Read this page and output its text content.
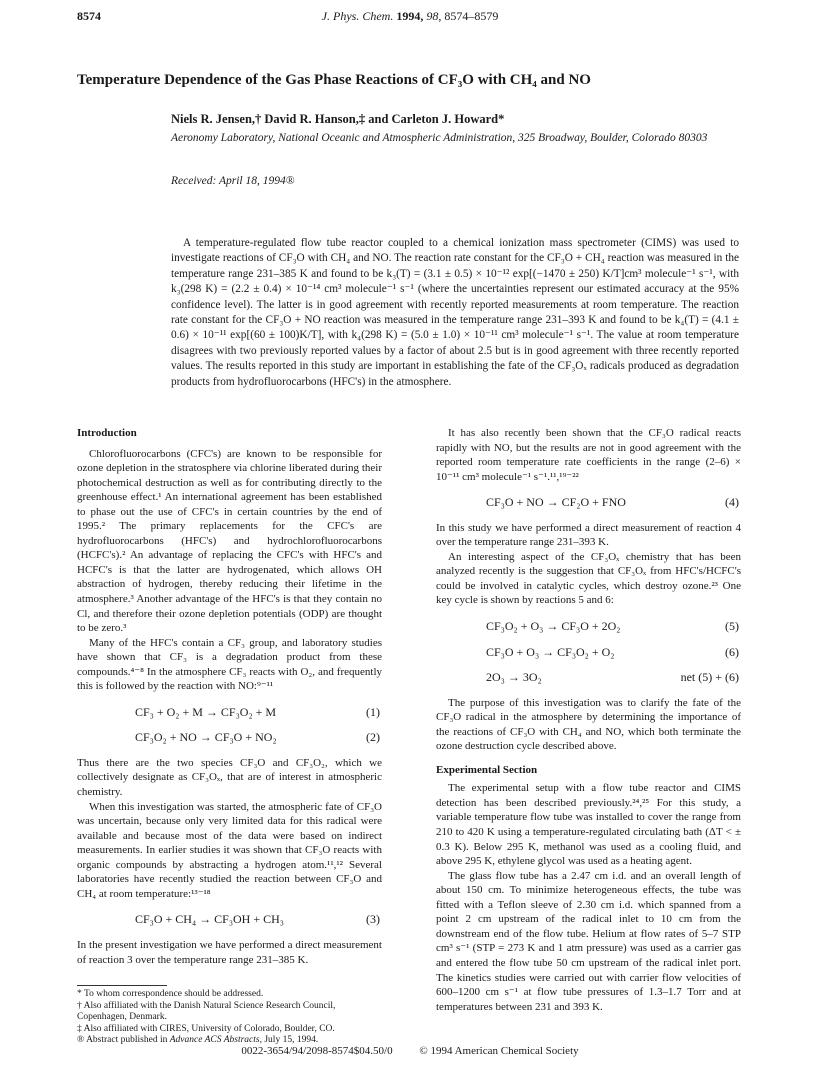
8574	J. Phys. Chem. 1994, 98, 8574–8579
Temperature Dependence of the Gas Phase Reactions of CF₃O with CH₄ and NO
Niels R. Jensen,† David R. Hanson,‡ and Carleton J. Howard*
Aeronomy Laboratory, National Oceanic and Atmospheric Administration, 325 Broadway, Boulder, Colorado 80303
Received: April 18, 1994®

A temperature-regulated flow tube reactor coupled to a chemical ionization mass spectrometer (CIMS) was used to investigate reactions of CF₃O with CH₄ and NO. The reaction rate constant for the CF₃O + CH₄ reaction was measured in the temperature range 231–385 K and found to be k₃(T) = (3.1 ± 0.5) × 10⁻¹² exp[(−1470 ± 250) K/T]cm³ molecule⁻¹ s⁻¹, with k₃(298 K) = (2.2 ± 0.4) × 10⁻¹⁴ cm³ molecule⁻¹ s⁻¹ (where the uncertainties represent our estimated accuracy at the 95% confidence level). The latter is in good agreement with recently reported measurements at room temperature. The reaction rate constant for the CF₃O + NO reaction was measured in the temperature range 231–393 K and found to be k₄(T) = (4.1 ± 0.6) × 10⁻¹¹ exp[(60 ± 100)K/T], with k₄(298 K) = (5.0 ± 1.0) × 10⁻¹¹ cm³ molecule⁻¹ s⁻¹. The value at room temperature disagrees with two previously reported values by a factor of about 2.5 but is in good agreement with three recently reported values. The results reported in this study are important in establishing the fate of the CF₃Oₓ radicals produced as degradation products from hydrofluorocarbons (HFC's) in the atmosphere.

Introduction

Chlorofluorocarbons (CFC's) are known to be responsible for ozone depletion in the stratosphere via chlorine liberated during their photochemical destruction as well as for contributing directly to the greenhouse effect.¹ An international agreement has been established to phase out the use of CFC's in certain countries by the end of 1995.² The primary replacements for the CFC's are hydrofluorocarbons (HFC's) and hydrochlorofluorocarbons (HCFC's).² An advantage of replacing the CFC's with HFC's and HCFC's is that the latter are hydrogenated, which allows OH abstraction of hydrogen, thereby reducing their lifetime in the atmosphere.³ Another advantage of the HFC's is that they contain no Cl, and therefore their ozone depletion potentials (ODP) are thought to be zero.³

Many of the HFC's contain a CF₃ group, and laboratory studies have shown that CF₃ is a degradation product from these compounds.⁴⁻⁸ In the atmosphere CF₃ reacts with O₂, and frequently this is followed by the reaction with NO:⁹⁻¹¹

CF₃ + O₂ + M → CF₃O₂ + M	(1)
CF₃O₂ + NO → CF₃O + NO₂	(2)

Thus there are the two species CF₃O and CF₃O₂, which we collectively designate as CF₃Oₓ, that are of interest in atmospheric chemistry.

When this investigation was started, the atmospheric fate of CF₃O was uncertain, because only very limited data for this radical were available and because most of the data were based on indirect measurements. In earlier studies it was shown that CF₃O reacts with organic compounds by abstracting a hydrogen atom.¹¹,¹² Several laboratories have recently studied the reaction between CF₃O and CH₄ at room temperature:¹³⁻¹⁸

CF₃O + CH₄ → CF₃OH + CH₃	(3)

In the present investigation we have performed a direct measurement of reaction 3 over the temperature range 231–385 K.

* To whom correspondence should be addressed.
† Also affiliated with the Danish Natural Science Research Council, Copenhagen, Denmark.
‡ Also affiliated with CIRES, University of Colorado, Boulder, CO.
® Abstract published in Advance ACS Abstracts, July 15, 1994.

It has also recently been shown that the CF₃O radical reacts rapidly with NO, but the results are not in good agreement with the reported room temperature rate coefficients in the range (2–6) × 10⁻¹¹ cm³ molecule⁻¹ s⁻¹.¹¹,¹⁹⁻²²

CF₃O + NO → CF₂O + FNO	(4)

In this study we have performed a direct measurement of reaction 4 over the temperature range 231–393 K.

An interesting aspect of the CF₃Oₓ chemistry that has been analyzed recently is the suggestion that CF₃Oₓ from HFC's/HCFC's could be involved in catalytic cycles, which destroy ozone.²³ One key cycle is shown by reactions 5 and 6:

CF₃O₂ + O₃ → CF₃O + 2O₂	(5)
CF₃O + O₃ → CF₃O₂ + O₂	(6)
2O₃ → 3O₂	net (5) + (6)

The purpose of this investigation was to clarify the fate of the CF₃O radical in the atmosphere by determining the importance of the reactions of CF₃O with CH₄ and NO, which both terminate the ozone destruction cycle described above.

Experimental Section

The experimental setup with a flow tube reactor and CIMS detection has been described previously.²⁴,²⁵ For this study, a variable temperature flow tube was installed to cover the range from 210 to 420 K using a temperature-regulated circulating bath (ΔT < ± 0.3 K). Below 295 K, methanol was used as a cooling fluid, and above 295 K, ethylene glycol was used as a heating agent.

The glass flow tube has a 2.47 cm i.d. and an overall length of about 150 cm. To minimize heterogeneous effects, the tube was fitted with a Teflon sleeve of 2.30 cm i.d. which spanned from a point 2 cm upstream of the radical inlet to 10 cm from the downstream end of the flow tube. Helium at flow rates of 5–7 STP cm³ s⁻¹ (STP = 273 K and 1 atm pressure) was used as a carrier gas and entered the flow tube 50 cm upstream of the radical inlet port. The kinetics studies were carried out with carrier flow velocities of 600–1200 cm s⁻¹ at flow tube pressures of 1.3–1.7 Torr and at temperatures between 231 and 393 K.

0022-3654/94/2098-8574$04.50/0 © 1994 American Chemical Society
